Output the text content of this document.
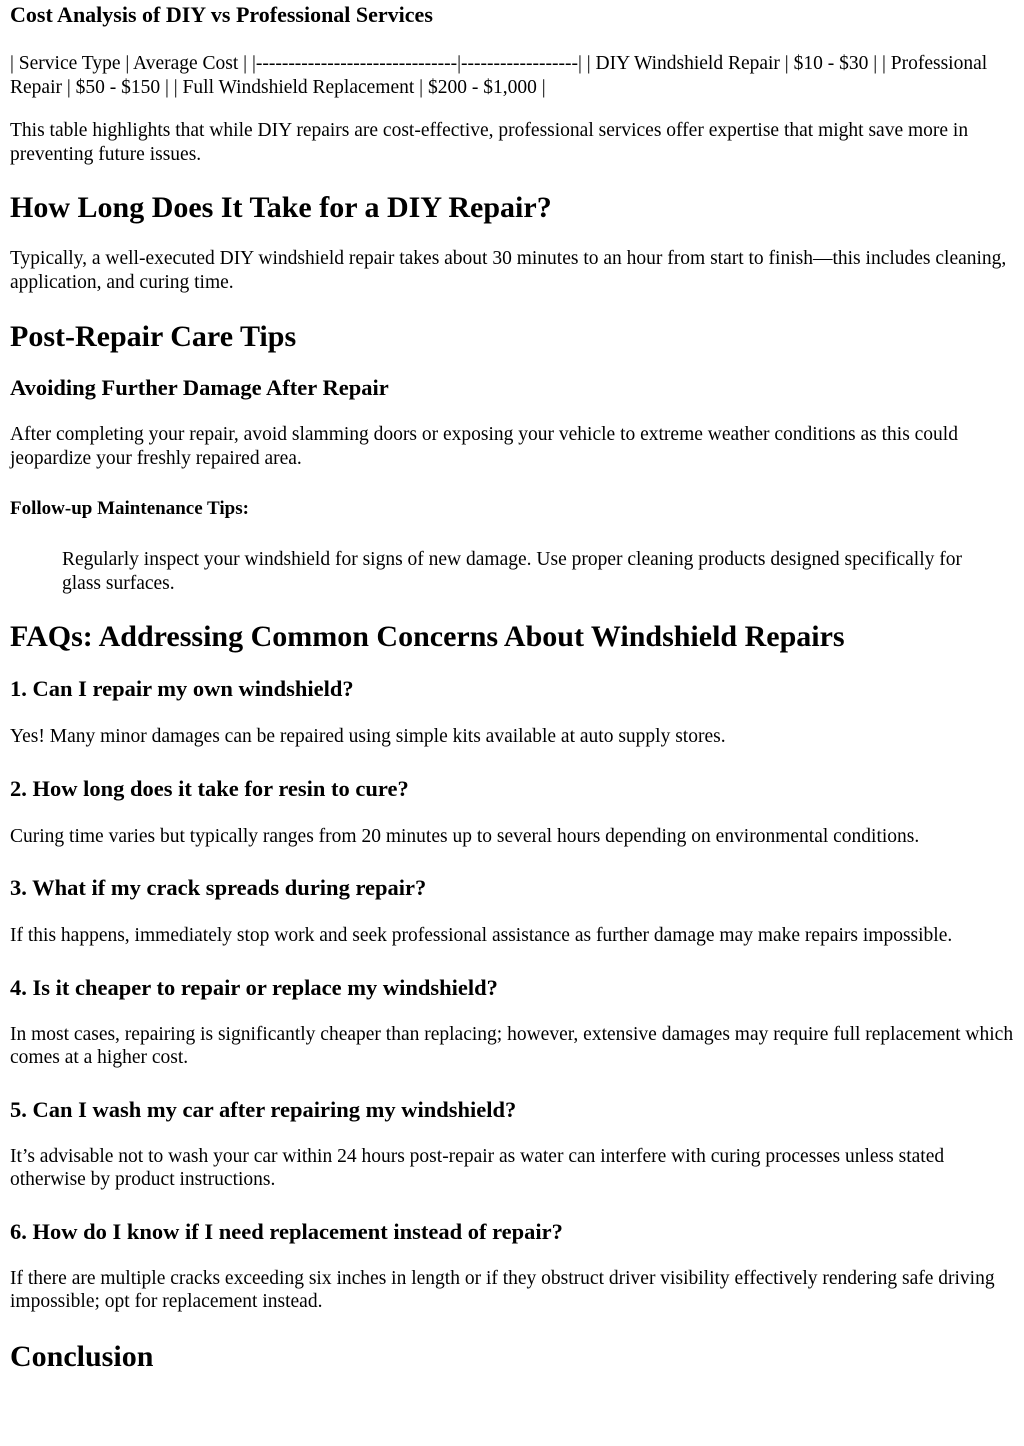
Cost Analysis of DIY vs Professional Services

| Service Type | Average Cost | |-------------------------------|------------------| | DIY Windshield Repair | $10 - $30 | | Professional Repair | $50 - $150 | | Full Windshield Replacement | $200 - $1,000 |

This table highlights that while DIY repairs are cost-effective, professional services offer expertise that might save more in preventing future issues.

How Long Does It Take for a DIY Repair?

Typically, a well-executed DIY windshield repair takes about 30 minutes to an hour from start to finish—this includes cleaning, application, and curing time.

Post-Repair Care Tips
Avoiding Further Damage After Repair

After completing your repair, avoid slamming doors or exposing your vehicle to extreme weather conditions as this could jeopardize your freshly repaired area.

Follow-up Maintenance Tips:
Regularly inspect your windshield for signs of new damage. Use proper cleaning products designed specifically for glass surfaces.
FAQs: Addressing Common Concerns About Windshield Repairs
1. Can I repair my own windshield?

Yes! Many minor damages can be repaired using simple kits available at auto supply stores.

2. How long does it take for resin to cure?

Curing time varies but typically ranges from 20 minutes up to several hours depending on environmental conditions.

3. What if my crack spreads during repair?

If this happens, immediately stop work and seek professional assistance as further damage may make repairs impossible.

4. Is it cheaper to repair or replace my windshield?

In most cases, repairing is significantly cheaper than replacing; however, extensive damages may require full replacement which comes at a higher cost.

5. Can I wash my car after repairing my windshield?

It’s advisable not to wash your car within 24 hours post-repair as water can interfere with curing processes unless stated otherwise by product instructions.

6. How do I know if I need replacement instead of repair?

If there are multiple cracks exceeding six inches in length or if they obstruct driver visibility effectively rendering safe driving impossible; opt for replacement instead.

Conclusion
